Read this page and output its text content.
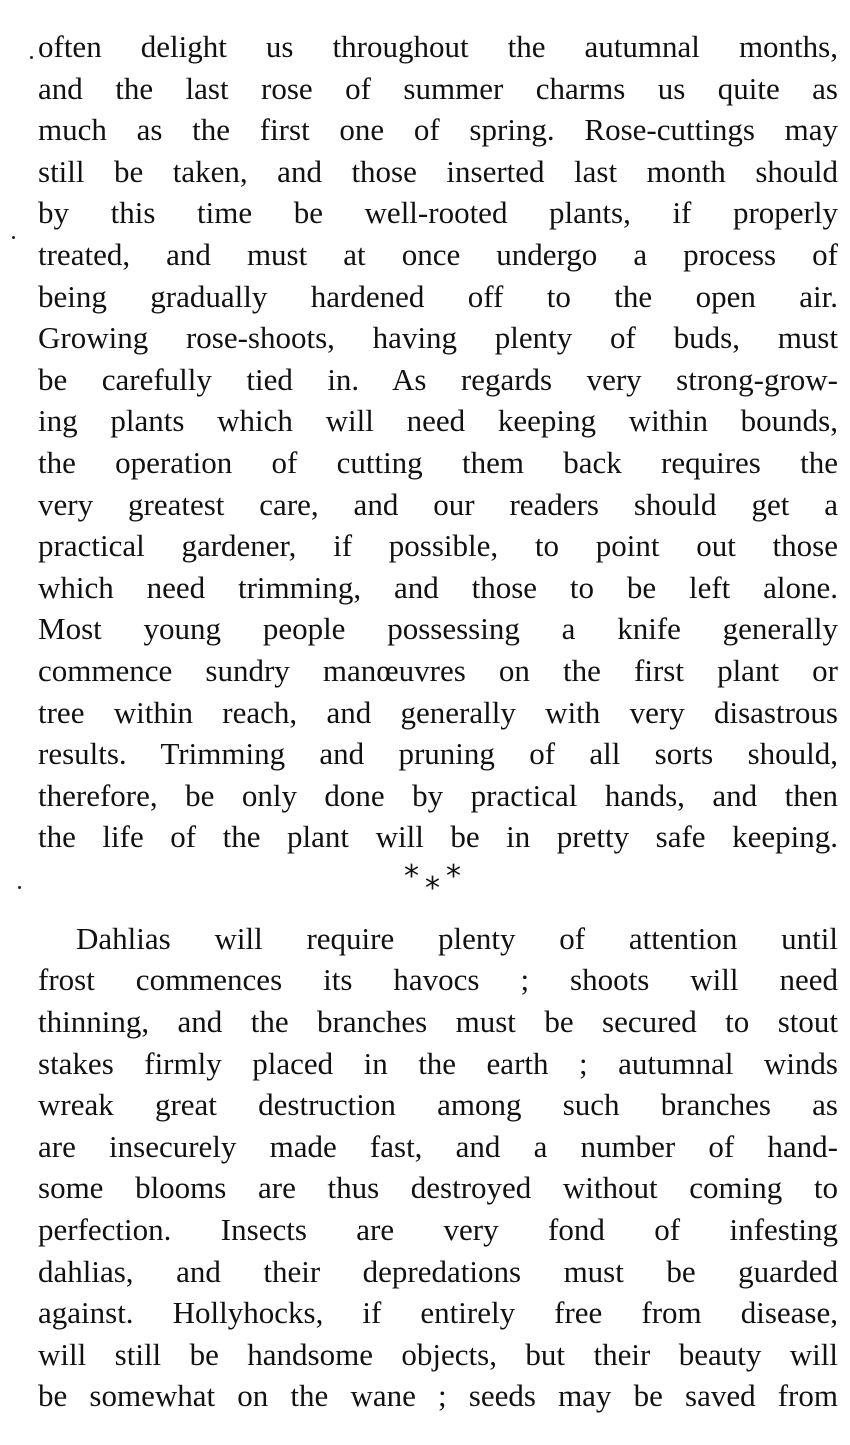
often delight us throughout the autumnal months,
and the last rose of summer charms us quite as
much as the first one of spring. Rose-cuttings may
still be taken, and those inserted last month should
by this time be well-rooted plants, if properly
treated, and must at once undergo a process of
being gradually hardened off to the open air.
Growing rose-shoots, having plenty of buds, must
be carefully tied in. As regards very strong-grow-
ing plants which will need keeping within bounds,
the operation of cutting them back requires the
very greatest care, and our readers should get a
practical gardener, if possible, to point out those
which need trimming, and those to be left alone.
Most young people possessing a knife generally
commence sundry manœuvres on the first plant or
tree within reach, and generally with very disastrous
results. Trimming and pruning of all sorts should,
therefore, be only done by practical hands, and then
the life of the plant will be in pretty safe keeping.
* * *
Dahlias will require plenty of attention until
frost commences its havocs ; shoots will need
thinning, and the branches must be secured to stout
stakes firmly placed in the earth ; autumnal winds
wreak great destruction among such branches as
are insecurely made fast, and a number of hand-
some blooms are thus destroyed without coming to
perfection. Insects are very fond of infesting
dahlias, and their depredations must be guarded
against. Hollyhocks, if entirely free from disease,
will still be handsome objects, but their beauty will
be somewhat on the wane ; seeds may be saved from
